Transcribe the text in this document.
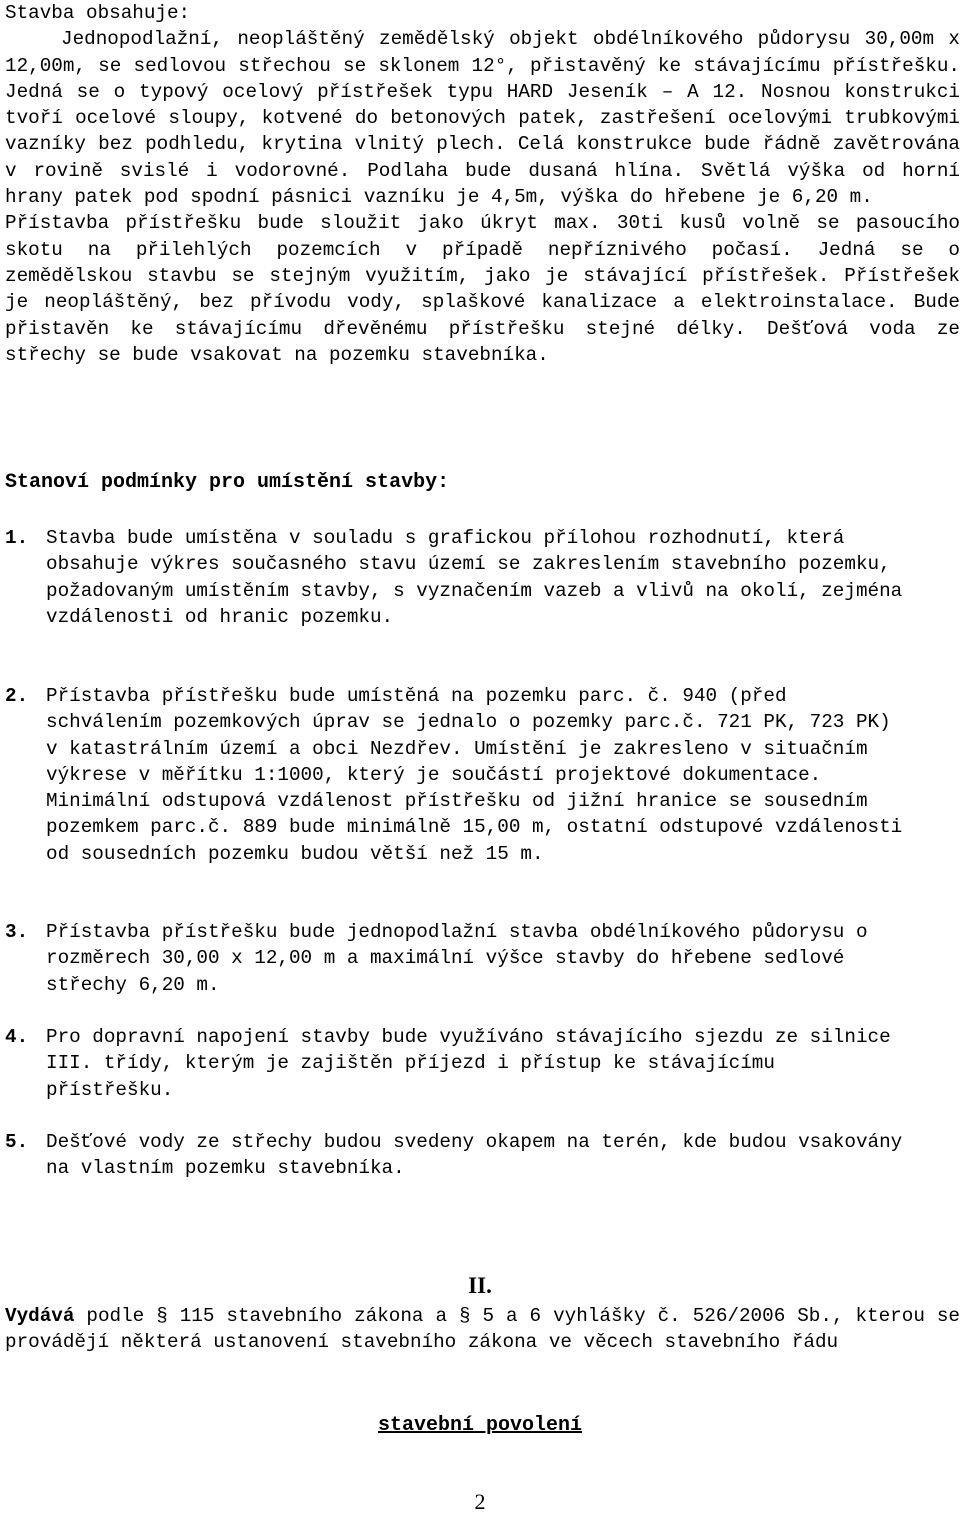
Stavba obsahuje:

Jednopodlažní, neopláštěný zemědělský objekt obdélníkového půdorysu 30,00m x 12,00m, se sedlovou střechou se sklonem 12°, přistavěný ke stávajícímu přístřešku. Jedná se o typový ocelový přístřešek typu HARD Jeseník – A 12. Nosnou konstrukci tvoří ocelové sloupy, kotvené do betonových patek, zastřešení ocelovými trubkovými vazníky bez podhledu, krytina vlnitý plech. Celá konstrukce bude řádně zavětrována v rovině svislé i vodorovné. Podlaha bude dusaná hlína. Světlá výška od horní hrany patek pod spodní pásnici vazníku je 4,5m, výška do hřebene je 6,20 m.

Přístavba přístřešku bude sloužit jako úkryt max. 30ti kusů volně se pasoucího skotu na přilehlých pozemcích v případě nepříznivého počasí. Jedná se o zemědělskou stavbu se stejným využitím, jako je stávající přístřešek. Přístřešek je neopláštěný, bez přívodu vody, splaškové kanalizace a elektroinstalace. Bude přistavěn ke stávajícímu dřevěnému přístřešku stejné délky. Dešťová voda ze střechy se bude vsakovat na pozemku stavebníka.

Stanoví podmínky pro umístění stavby:
1. Stavba bude umístěna v souladu s grafickou přílohou rozhodnutí, která obsahuje výkres současného stavu území se zakreslením stavebního pozemku, požadovaným umístěním stavby, s vyznačením vazeb a vlivů na okolí, zejména vzdálenosti od hranic pozemku.
2. Přístavba přístřešku bude umístěná na pozemku parc. č. 940 (před schválením pozemkových úprav se jednalo o pozemky parc.č. 721 PK, 723 PK) v katastrálním území a obci Nezdřev. Umístění je zakresleno v situačním výkrese v měřítku 1:1000, který je součástí projektové dokumentace. Minimální odstupová vzdálenost přístřešku od jižní hranice se sousedním pozemkem parc.č. 889 bude minimálně 15,00 m, ostatní odstupové vzdálenosti od sousedních pozemku budou větší než 15 m.
3. Přístavba přístřešku bude jednopodlažní stavba obdélníkového půdorysu o rozměrech 30,00 x 12,00 m a maximální výšce stavby do hřebene sedlové střechy 6,20 m.
4. Pro dopravní napojení stavby bude využíváno stávajícího sjezdu ze silnice III. třídy, kterým je zajištěn příjezd i přístup ke stávajícímu přístřešku.
5. Dešťové vody ze střechy budou svedeny okapem na terén, kde budou vsakovány na vlastním pozemku stavebníka.
II.
Vydává podle § 115 stavebního zákona a § 5 a 6 vyhlášky č. 526/2006 Sb., kterou se provádějí některá ustanovení stavebního zákona ve věcech stavebního řádu
stavební povolení
2
